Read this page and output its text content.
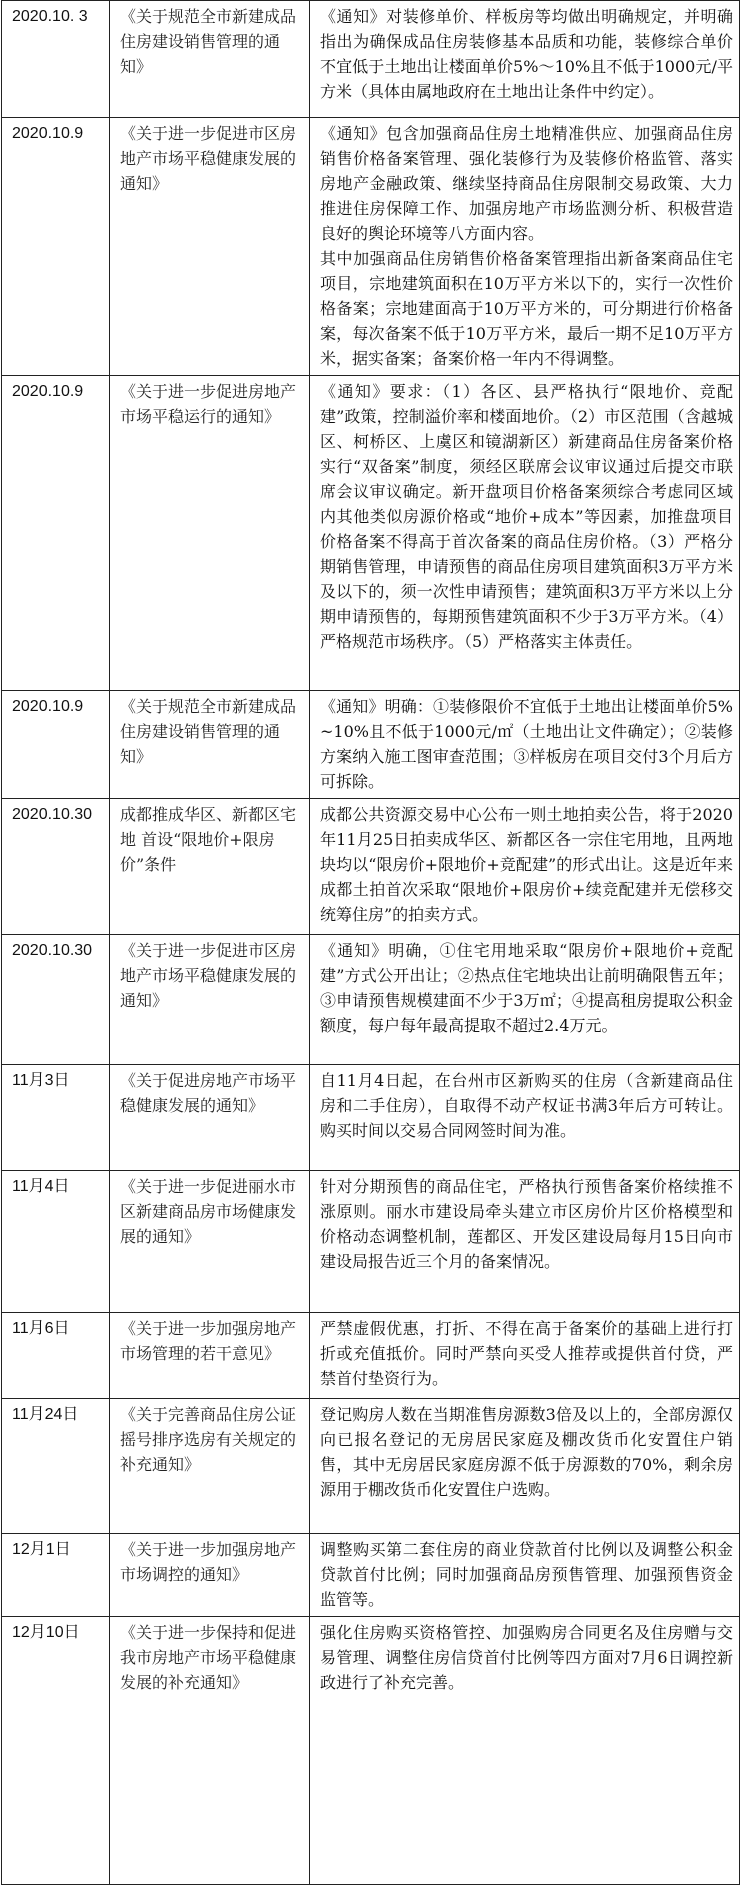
2020.10. 3	《关于规范全市新建成品住房建设销售管理的通知》	《通知》对装修单价、样板房等均做出明确规定，并明确指出为确保成品住房装修基本品质和功能，装修综合单价不宜低于土地出让楼面单价5%～10%且不低于1000元/平方米（具体由属地政府在土地出让条件中约定）。

2020.10.9	《关于进一步促进市区房地产市场平稳健康发展的通知》	《通知》包含加强商品住房土地精准供应、加强商品住房销售价格备案管理、强化装修行为及装修价格监管、落实房地产金融政策、继续坚持商品住房限制交易政策、大力推进住房保障工作、加强房地产市场监测分析、积极营造良好的舆论环境等八方面内容。
其中加强商品住房销售价格备案管理指出新备案商品住宅项目，宗地建筑面积在10万平方米以下的，实行一次性价格备案；宗地建面高于10万平方米的，可分期进行价格备案，每次备案不低于10万平方米，最后一期不足10万平方米，据实备案；备案价格一年内不得调整。

2020.10.9	《关于进一步促进房地产市场平稳运行的通知》	《通知》要求：（1）各区、县严格执行“限地价、竞配建”政策，控制溢价率和楼面地价。（2）市区范围（含越城区、柯桥区、上虞区和镜湖新区）新建商品住房备案价格实行“双备案”制度，须经区联席会议审议通过后提交市联席会议审议确定。新开盘项目价格备案须综合考虑同区域内其他类似房源价格或“地价+成本”等因素，加推盘项目价格备案不得高于首次备案的商品住房价格。（3）严格分期销售管理，申请预售的商品住房项目建筑面积3万平方米及以下的，须一次性申请预售；建筑面积3万平方米以上分期申请预售的，每期预售建筑面积不少于3万平方米。（4）严格规范市场秩序。（5）严格落实主体责任。

2020.10.9	《关于规范全市新建成品住房建设销售管理的通知》	《通知》明确：①装修限价不宜低于土地出让楼面单价5%~10%且不低于1000元/㎡（土地出让文件确定）；②装修方案纳入施工图审查范围；③样板房在项目交付3个月后方可拆除。

2020.10.30	成都推成华区、新都区宅地 首设“限地价+限房价”条件	成都公共资源交易中心公布一则土地拍卖公告，将于2020年11月25日拍卖成华区、新都区各一宗住宅用地，且两地块均以“限房价+限地价+竞配建”的形式出让。这是近年来成都土拍首次采取“限地价+限房价+续竞配建并无偿移交统筹住房”的拍卖方式。

2020.10.30	《关于进一步促进市区房地产市场平稳健康发展的通知》	《通知》明确，①住宅用地采取“限房价+限地价+竞配建”方式公开出让；②热点住宅地块出让前明确限售五年；③申请预售规模建面不少于3万㎡；④提高租房提取公积金额度，每户每年最高提取不超过2.4万元。

11月3日	《关于促进房地产市场平稳健康发展的通知》	自11月4日起，在台州市区新购买的住房（含新建商品住房和二手住房），自取得不动产权证书满3年后方可转让。购买时间以交易合同网签时间为准。

11月4日	《关于进一步促进丽水市区新建商品房市场健康发展的通知》	针对分期预售的商品住宅，严格执行预售备案价格续推不涨原则。丽水市建设局牵头建立市区房价片区价格模型和价格动态调整机制，莲都区、开发区建设局每月15日向市建设局报告近三个月的备案情况。

11月6日	《关于进一步加强房地产市场管理的若干意见》	严禁虚假优惠，打折、不得在高于备案价的基础上进行打折或充值抵价。同时严禁向买受人推荐或提供首付贷，严禁首付垫资行为。

11月24日	《关于完善商品住房公证摇号排序选房有关规定的补充通知》	登记购房人数在当期准售房源数3倍及以上的，全部房源仅向已报名登记的无房居民家庭及棚改货币化安置住户销售，其中无房居民家庭房源不低于房源数的70%，剩余房源用于棚改货币化安置住户选购。

12月1日	《关于进一步加强房地产市场调控的通知》	调整购买第二套住房的商业贷款首付比例以及调整公积金贷款首付比例；同时加强商品房预售管理、加强预售资金监管等。

12月10日	《关于进一步保持和促进我市房地产市场平稳健康发展的补充通知》	强化住房购买资格管控、加强购房合同更名及住房赠与交易管理、调整住房信贷首付比例等四方面对7月6日调控新政进行了补充完善。
